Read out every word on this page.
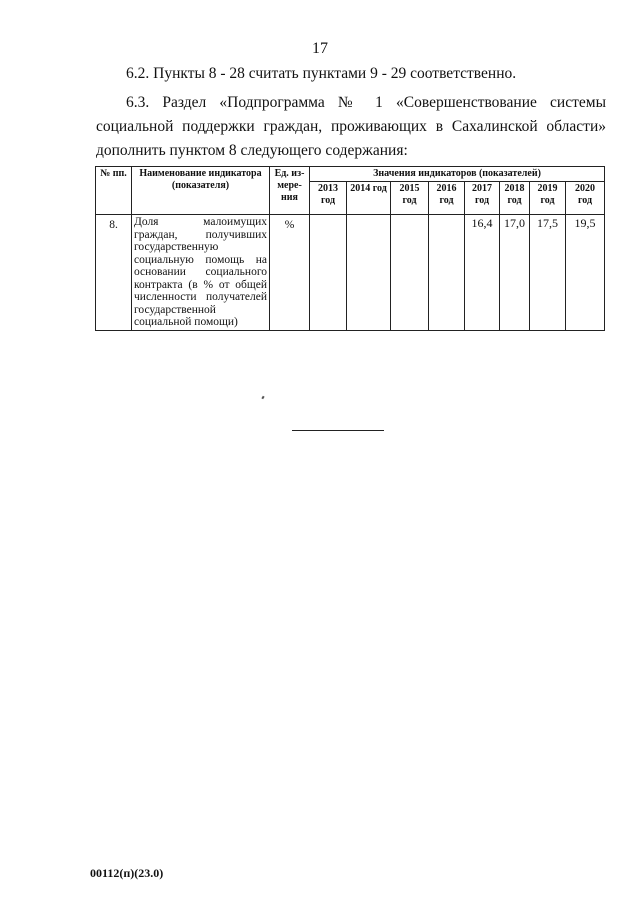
17
6.2. Пункты 8 - 28 считать пунктами 9 - 29 соответственно.
6.3. Раздел «Подпрограмма № 1 «Совершенствование системы
социальной поддержки граждан, проживающих в Сахалинской области»
дополнить пунктом 8 следующего содержания:
№ пп.	Наименование индикатора (показателя)	Ед. из- мере- ния	Значения индикаторов (показателей)							
			2013 год	2014 год	2015 год	2016 год	2017 год	2018 год	2019 год	2020 год
8.	Доля малоимущих граждан, получивших государственную социальную помощь на основании социального контракта (в % от общей численности получателей государственной социальной помощи)	%					16,4	17,0	17,5	19,5
00112(п)(23.0)
